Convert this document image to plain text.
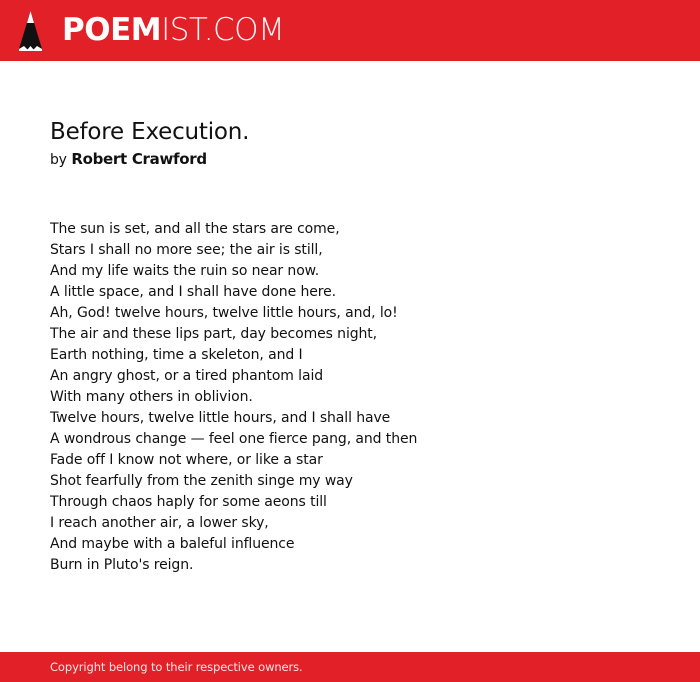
POEMIST.COM
Before Execution.
by Robert Crawford
The sun is set, and all the stars are come,
Stars I shall no more see; the air is still,
And my life waits the ruin so near now.
A little space, and I shall have done here.
Ah, God! twelve hours, twelve little hours, and, lo!
The air and these lips part, day becomes night,
Earth nothing, time a skeleton, and I
An angry ghost, or a tired phantom laid
With many others in oblivion.
Twelve hours, twelve little hours, and I shall have
A wondrous change — feel one fierce pang, and then
Fade off I know not where, or like a star
Shot fearfully from the zenith singe my way
Through chaos haply for some aeons till
I reach another air, a lower sky,
And maybe with a baleful influence
Burn in Pluto's reign.
Copyright belong to their respective owners.
